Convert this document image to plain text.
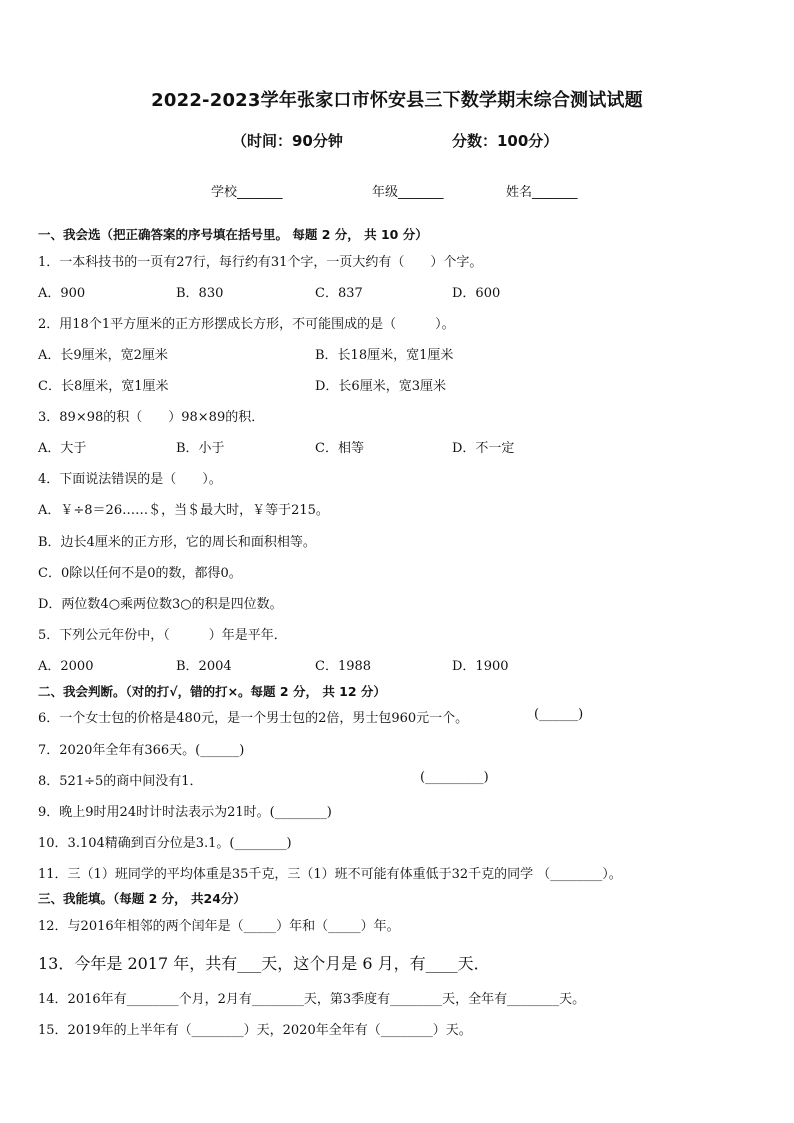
2022-2023学年张家口市怀安县三下数学期末综合测试试题
（时间：90分钟	分数：100分）
学校_______	年级_______	姓名_______
一、我会选（把正确答案的序号填在括号里。 每题 2 分， 共 10 分）
1．一本科技书的一页有27行，每行约有31个字，一页大约有（　　）个字。
A．900	B．830	C．837	D．600
2．用18个1平方厘米的正方形摆成长方形，不可能围成的是（　　　）。
A．长9厘米，宽2厘米	B．长18厘米，宽1厘米
C．长8厘米，宽1厘米	D．长6厘米，宽3厘米
3．89×98的积（　　）98×89的积．
A．大于	B．小于	C．相等	D．不一定
4．下面说法错误的是（　　）。
A．￥÷8＝26……＄，当＄最大时，￥等于215。
B．边长4厘米的正方形，它的周长和面积相等。
C．0除以任何不是0的数，都得0。
D．两位数4○乘两位数3○的积是四位数。
5．下列公元年份中，（　　　）年是平年．
A．2000	B．2004	C．1988	D．1900
二、我会判断。（对的打√，错的打×。每题 2 分， 共 12 分）
6．一个女士包的价格是480元，是一个男士包的2倍，男士包960元一个。	(______)
7．2020年全年有366天。(______)
8．521÷5的商中间没有1．	(_________)
9．晚上9时用24时计时法表示为21时。(________)
10．3.104精确到百分位是3.1。(________)
11．三（1）班同学的平均体重是35千克，三（1）班不可能有体重低于32千克的同学 （________）。
三、我能填。（每题 2 分， 共24分）
12．与2016年相邻的两个闰年是（_____）年和（_____）年。
13．今年是 2017 年，共有___天，这个月是 6 月，有____天．
14．2016年有________个月，2月有________天，第3季度有________天，全年有________天。
15．2019年的上半年有（________）天，2020年全年有（________）天。
